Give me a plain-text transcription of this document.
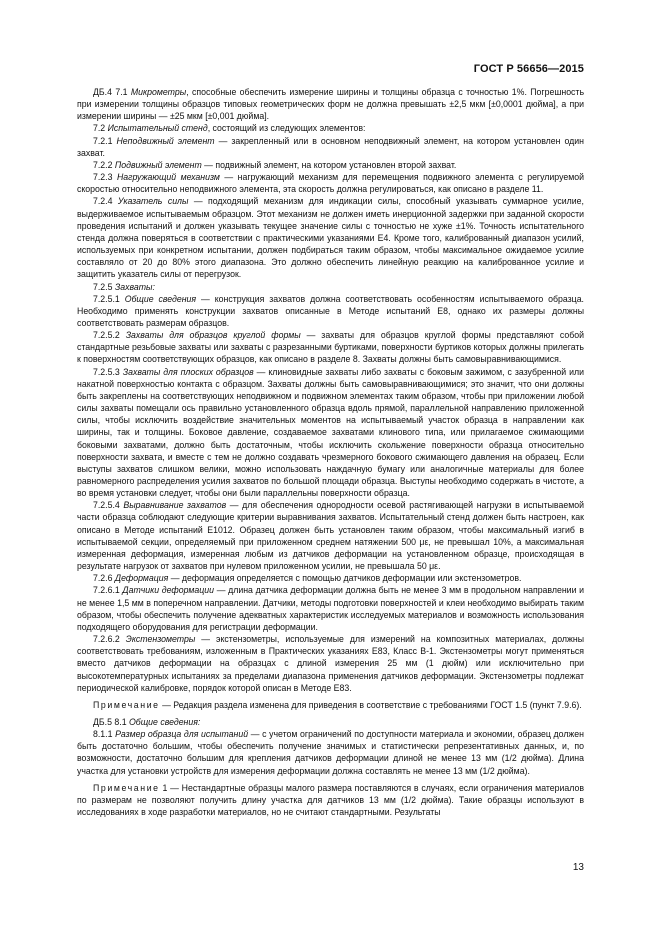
ГОСТ Р 56656—2015

ДБ.4 7.1 Микрометры, способные обеспечить измерение ширины и толщины образца с точностью 1%. Погрешность при измерении толщины образцов типовых геометрических форм не должна превышать ±2,5 мкм [±0,0001 дюйма], а при измерении ширины — ±25 мкм [±0,001 дюйма].

7.2 Испытательный стенд, состоящий из следующих элементов:

7.2.1 Неподвижный элемент — закрепленный или в основном неподвижный элемент, на котором установлен один захват.

7.2.2 Подвижный элемент — подвижный элемент, на котором установлен второй захват.

7.2.3 Нагружающий механизм — нагружающий механизм для перемещения подвижного элемента с регулируемой скоростью относительно неподвижного элемента, эта скорость должна регулироваться, как описано в разделе 11.

7.2.4 Указатель силы — подходящий механизм для индикации силы, способный указывать суммарное усилие, выдерживаемое испытываемым образцом. Этот механизм не должен иметь инерционной задержки при заданной скорости проведения испытаний и должен указывать текущее значение силы с точностью не хуже ±1%. Точность испытательного стенда должна поверяться в соответствии с практическими указаниями Е4. Кроме того, калиброванный диапазон усилий, используемых при конкретном испытании, должен подбираться таким образом, чтобы максимальное ожидаемое усилие составляло от 20 до 80% этого диапазона. Это должно обеспечить линейную реакцию на калиброванное усилие и защитить указатель силы от перегрузок.

7.2.5 Захваты:

7.2.5.1 Общие сведения — конструкция захватов должна соответствовать особенностям испытываемого образца. Необходимо применять конструкции захватов описанные в Методе испытаний Е8, однако их размеры должны соответствовать размерам образцов.

7.2.5.2 Захваты для образцов круглой формы — захваты для образцов круглой формы представляют собой стандартные резьбовые захваты или захваты с разрезанными буртиками, поверхности буртиков которых должны прилегать к поверхностям соответствующих образцов, как описано в разделе 8. Захваты должны быть самовыравнивающимися.

7.2.5.3 Захваты для плоских образцов — клиновидные захваты либо захваты с боковым зажимом, с зазубренной или накатной поверхностью контакта с образцом. Захваты должны быть самовыравнивающимися; это значит, что они должны быть закреплены на соответствующих неподвижном и подвижном элементах таким образом, чтобы при приложении любой силы захваты помещали ось правильно установленного образца вдоль прямой, параллельной направлению приложенной силы, чтобы исключить воздействие значительных моментов на испытываемый участок образца в направлении как ширины, так и толщины. Боковое давление, создаваемое захватами клинового типа, или прилагаемое сжимающими боковыми захватами, должно быть достаточным, чтобы исключить скольжение поверхности образца относительно поверхности захвата, и вместе с тем не должно создавать чрезмерного бокового сжимающего давления на образец. Если выступы захватов слишком велики, можно использовать наждачную бумагу или аналогичные материалы для более равномерного распределения усилия захватов по большой площади образца. Выступы необходимо содержать в чистоте, а во время установки следует, чтобы они были параллельны поверхности образца.

7.2.5.4 Выравнивание захватов — для обеспечения однородности осевой растягивающей нагрузки в испытываемой части образца соблюдают следующие критерии выравнивания захватов. Испытательный стенд должен быть настроен, как описано в Методе испытаний Е1012. Образец должен быть установлен таким образом, чтобы максимальный изгиб в испытываемой секции, определяемый при приложенном среднем натяжении 500 με, не превышал 10%, а максимальная измеренная деформация, измеренная любым из датчиков деформации на установленном образце, происходящая в результате нагрузок от захватов при нулевом приложенном усилии, не превышала 50 με.

7.2.6 Деформация — деформация определяется с помощью датчиков деформации или экстензометров.

7.2.6.1 Датчики деформации — длина датчика деформации должна быть не менее 3 мм в продольном направлении и не менее 1,5 мм в поперечном направлении. Датчики, методы подготовки поверхностей и клеи необходимо выбирать таким образом, чтобы обеспечить получение адекватных характеристик исследуемых материалов и возможность использования подходящего оборудования для регистрации деформации.

7.2.6.2 Экстензометры — экстензометры, используемые для измерений на композитных материалах, должны соответствовать требованиям, изложенным в Практических указаниях Е83, Класс В-1. Экстензометры могут применяться вместо датчиков деформации на образцах с длиной измерения 25 мм (1 дюйм) или исключительно при высокотемпературных испытаниях за пределами диапазона применения датчиков деформации. Экстензометры подлежат периодической калибровке, порядок которой описан в Методе Е83.

Примечание — Редакция раздела изменена для приведения в соответствие с требованиями ГОСТ 1.5 (пункт 7.9.6).

ДБ.5 8.1 Общие сведения:

8.1.1 Размер образца для испытаний — с учетом ограничений по доступности материала и экономии, образец должен быть достаточно большим, чтобы обеспечить получение значимых и статистически репрезентативных данных, и, по возможности, достаточно большим для крепления датчиков деформации длиной не менее 13 мм (1/2 дюйма). Длина участка для установки устройств для измерения деформации должна составлять не менее 13 мм (1/2 дюйма).

Примечание 1 — Нестандартные образцы малого размера поставляются в случаях, если ограничения материалов по размерам не позволяют получить длину участка для датчиков 13 мм (1/2 дюйма). Такие образцы используют в исследованиях в ходе разработки материалов, но не считают стандартными. Результаты

13
